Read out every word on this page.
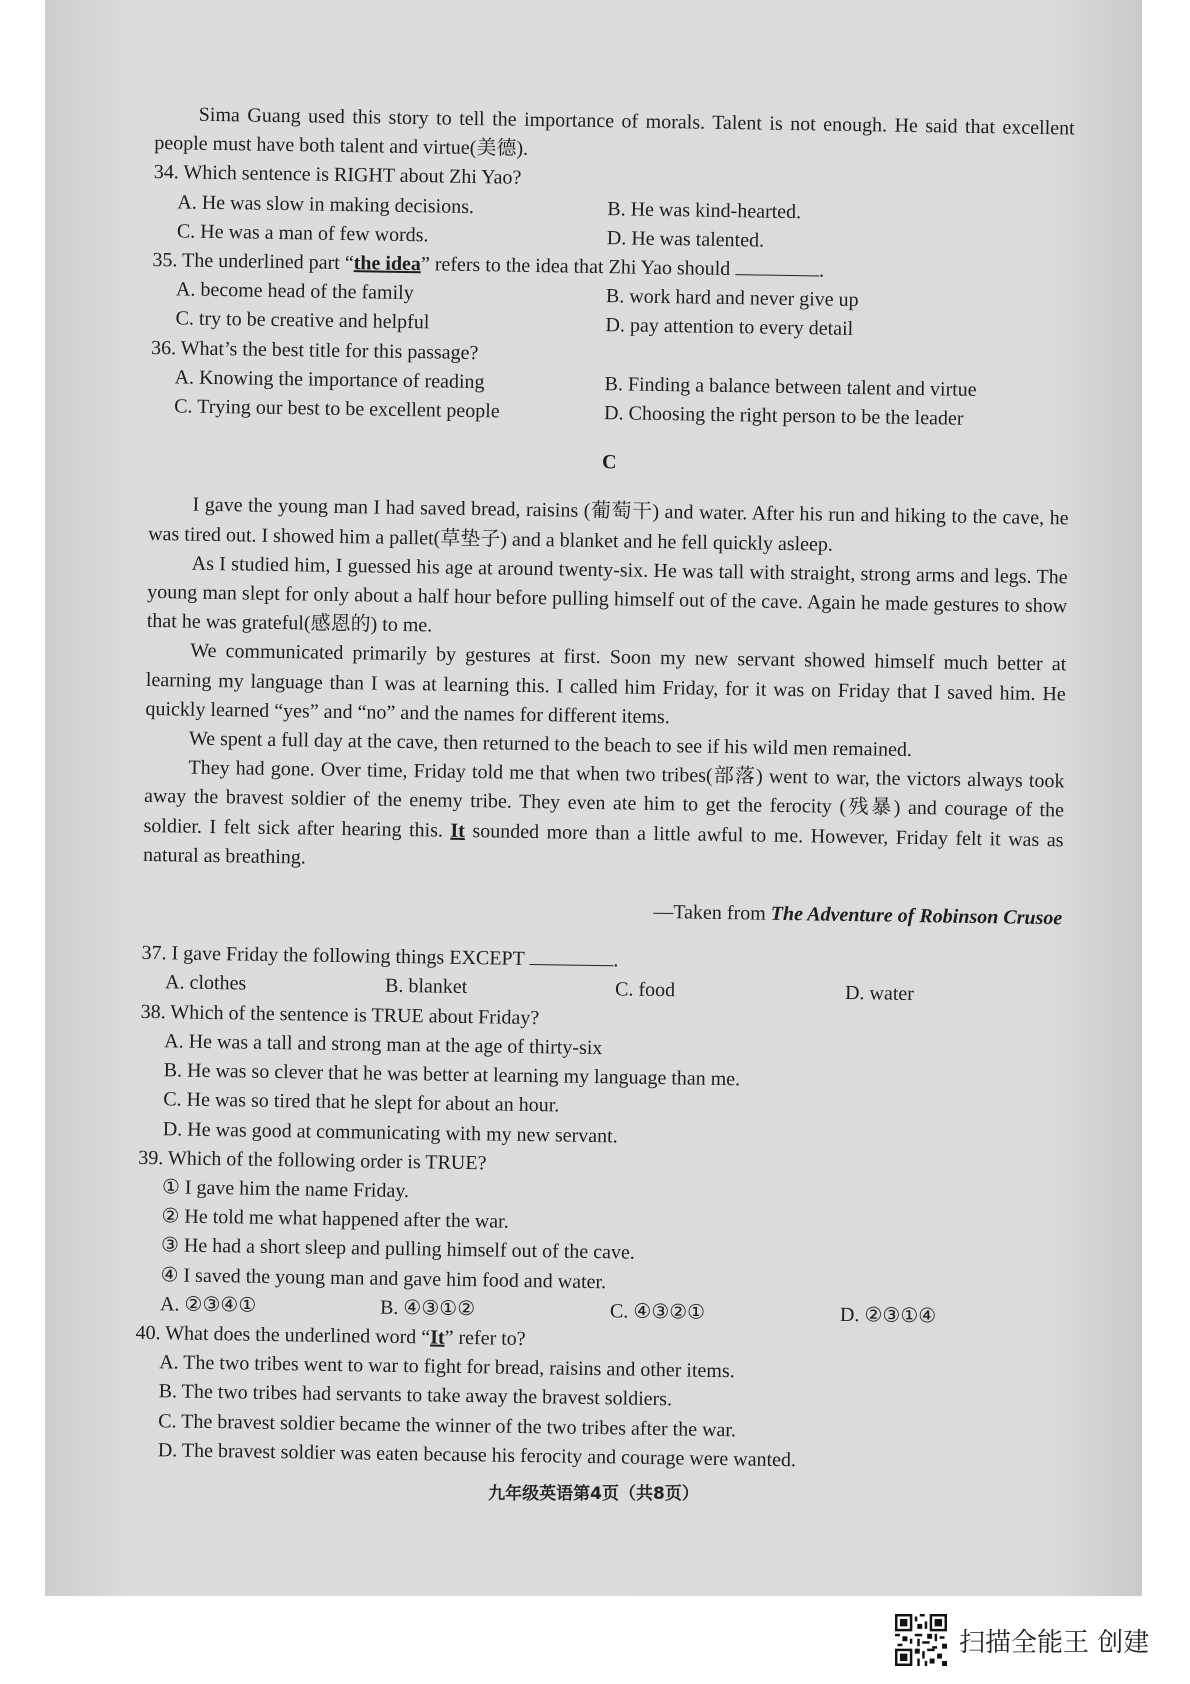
Sima Guang used this story to tell the importance of morals. Talent is not enough. He said that excellent people must have both talent and virtue(美德).

34. Which sentence is RIGHT about Zhi Yao?

A. He was slow in making decisions.	B. He was kind-hearted.
C. He was a man of few words.	D. He was talented.

35. The underlined part “the idea” refers to the idea that Zhi Yao should	.

A. become head of the family	B. work hard and never give up
C. try to be creative and helpful	D. pay attention to every detail

36. What’s the best title for this passage?

A. Knowing the importance of reading	B. Finding a balance between talent and virtue
C. Trying our best to be excellent people	D. Choosing the right person to be the leader

C

I gave the young man I had saved bread, raisins (葡萄干) and water. After his run and hiking to the cave, he was tired out. I showed him a pallet(草垫子) and a blanket and he fell quickly asleep.

As I studied him, I guessed his age at around twenty-six. He was tall with straight, strong arms and legs. The young man slept for only about a half hour before pulling himself out of the cave. Again he made gestures to show that he was grateful(感恩的) to me.

We communicated primarily by gestures at first. Soon my new servant showed himself much better at learning my language than I was at learning this. I called him Friday, for it was on Friday that I saved him. He quickly learned “yes” and “no” and the names for different items.

We spent a full day at the cave, then returned to the beach to see if his wild men remained.

They had gone. Over time, Friday told me that when two tribes(部落) went to war, the victors always took away the bravest soldier of the enemy tribe. They even ate him to get the ferocity (残暴) and courage of the soldier. I felt sick after hearing this. It sounded more than a little awful to me. However, Friday felt it was as natural as breathing.

—Taken from The Adventure of Robinson Crusoe

37. I gave Friday the following things EXCEPT	.

A. clothes	B. blanket	C. food	D. water

38. Which of the sentence is TRUE about Friday?

A. He was a tall and strong man at the age of thirty-six

B. He was so clever that he was better at learning my language than me.

C. He was so tired that he slept for about an hour.

D. He was good at communicating with my new servant.

39. Which of the following order is TRUE?

① I gave him the name Friday.

② He told me what happened after the war.

③ He had a short sleep and pulling himself out of the cave.

④ I saved the young man and gave him food and water.

A. ②③④①	B. ④③①②	C. ④③②①	D. ②③①④

40. What does the underlined word “It” refer to?

A. The two tribes went to war to fight for bread, raisins and other items.

B. The two tribes had servants to take away the bravest soldiers.

C. The bravest soldier became the winner of the two tribes after the war.

D. The bravest soldier was eaten because his ferocity and courage were wanted.

九年级英语第4页（共8页）
扫描全能王 创建
